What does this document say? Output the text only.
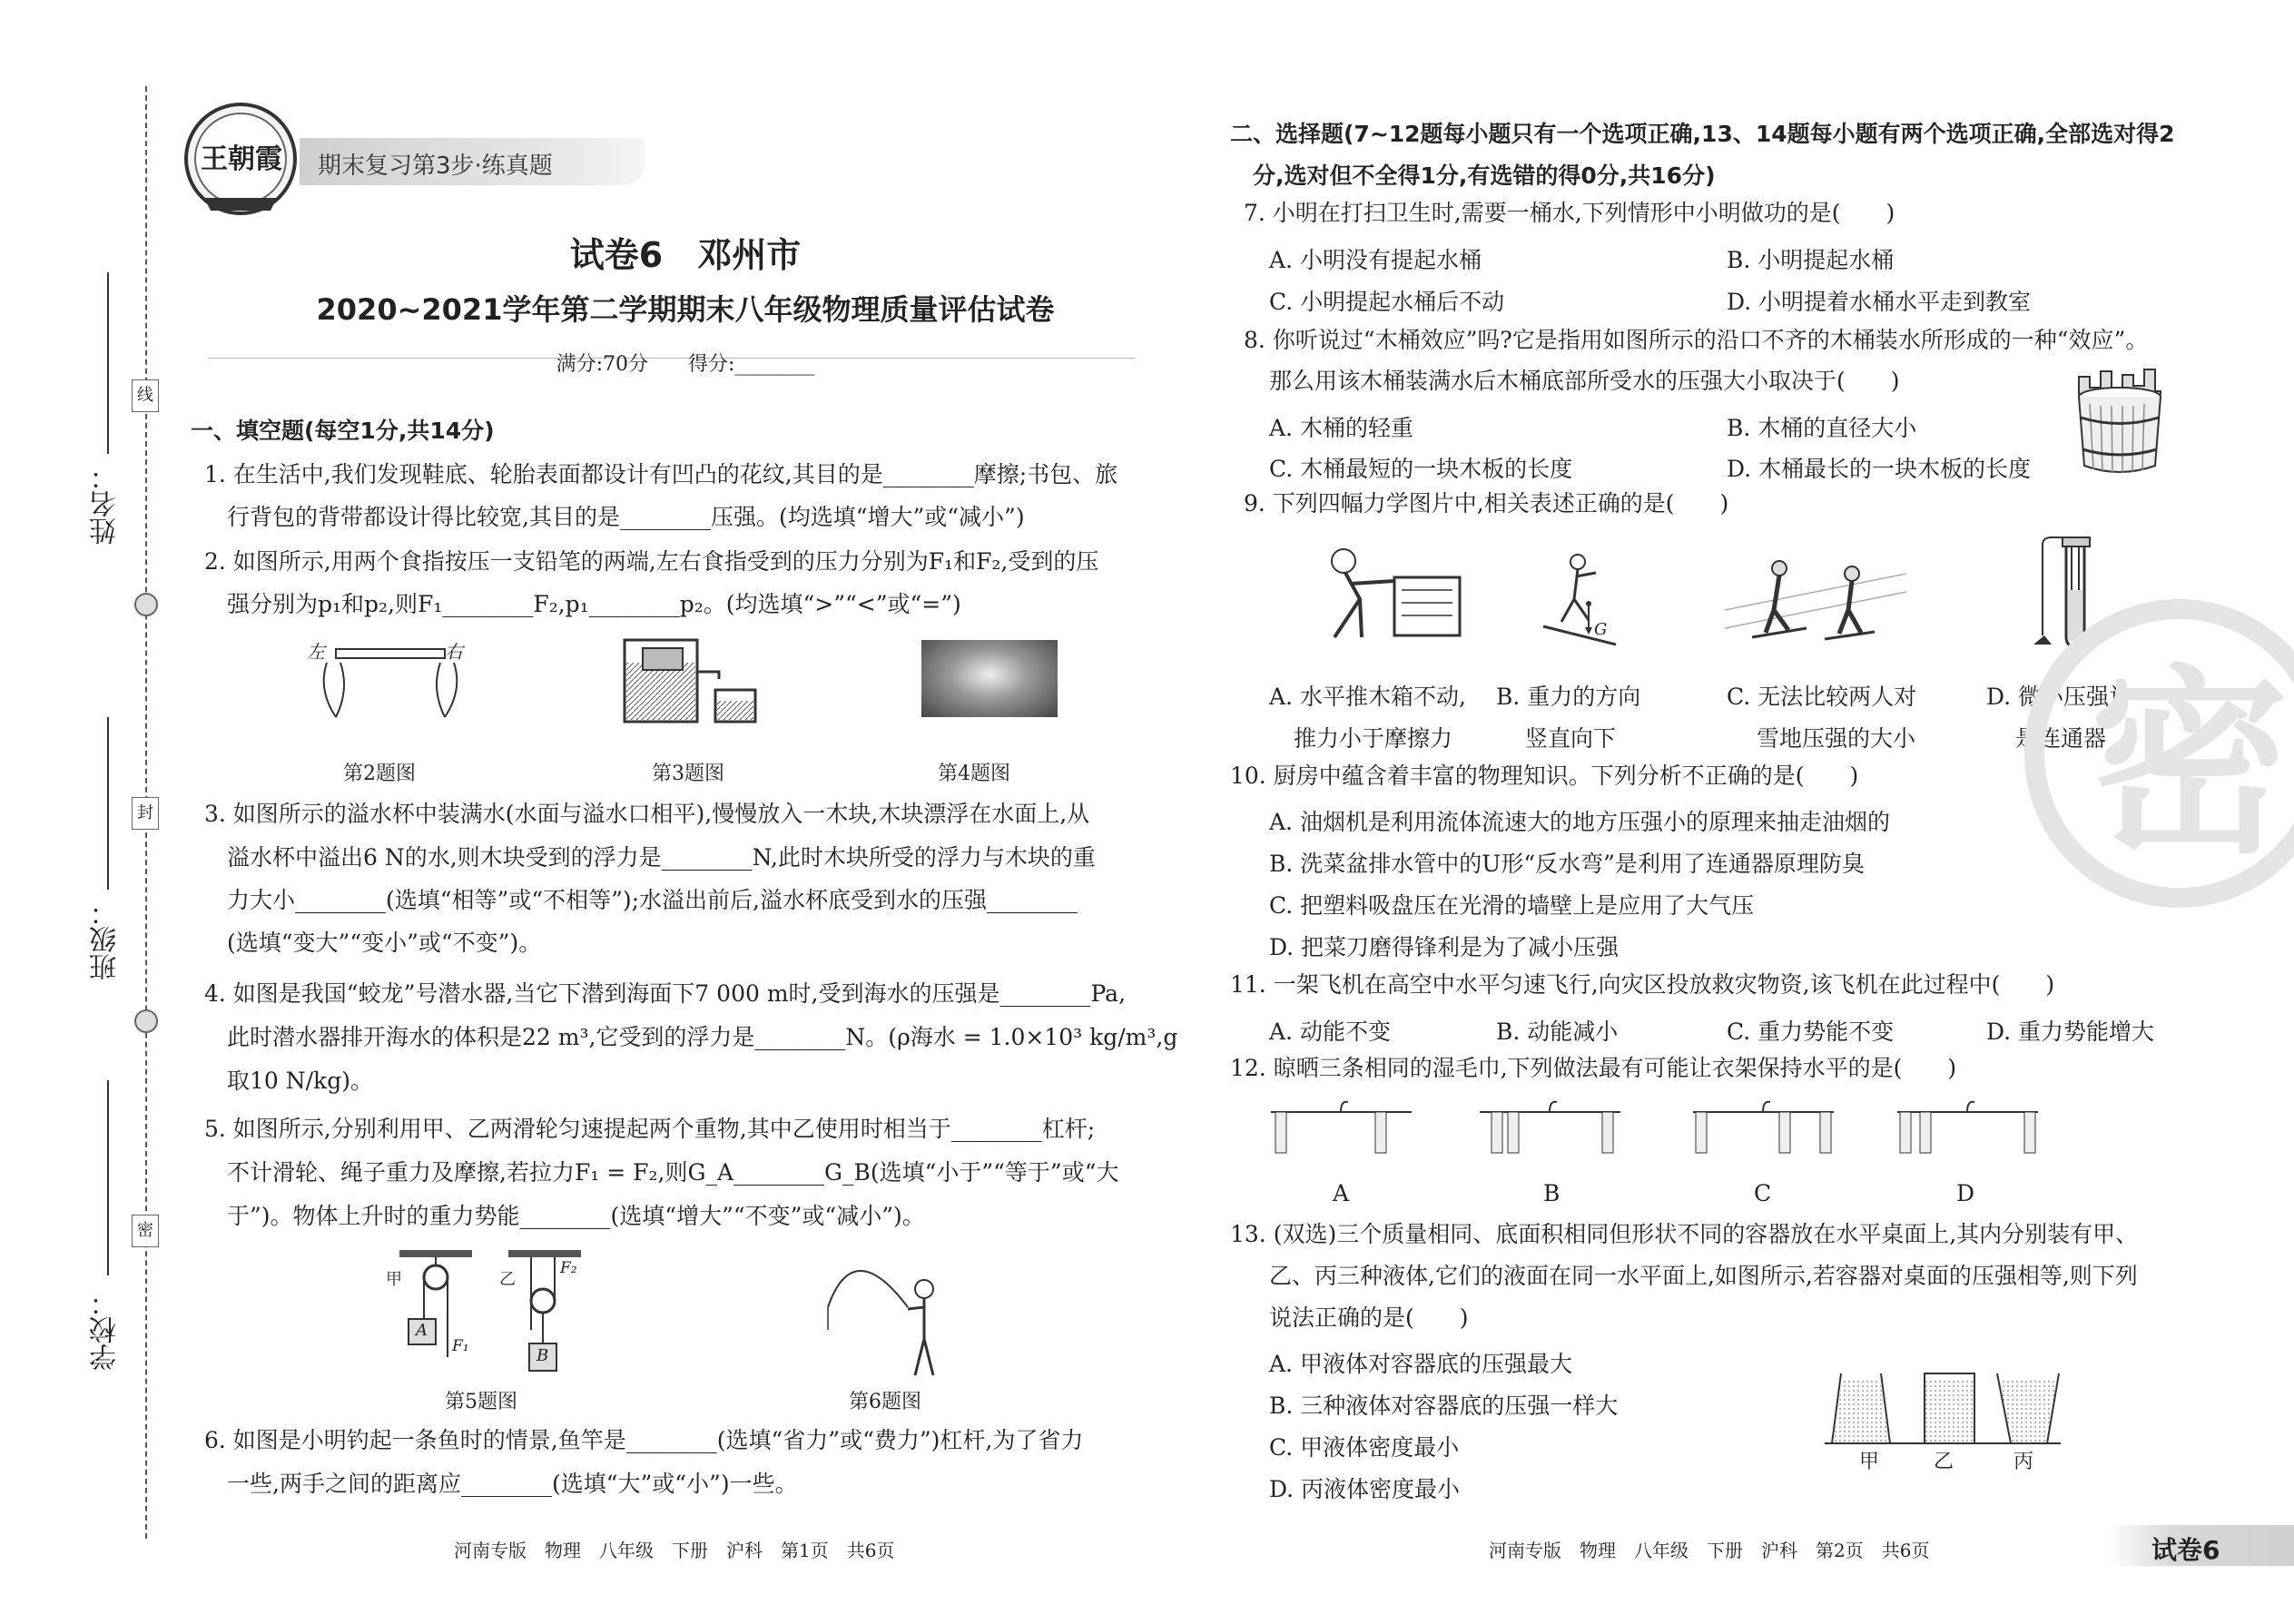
姓名：
班级：
学校：
线
封
密
王朝霞 期末复习第3步·练真题
试卷6　邓州市
2020~2021学年第二学期期末八年级物理质量评估试卷
满分:70分　　得分:________
一、填空题(每空1分,共14分)
1. 在生活中,我们发现鞋底、轮胎表面都设计有凹凸的花纹,其目的是________摩擦;书包、旅
行背包的背带都设计得比较宽,其目的是________压强。(均选填“增大”或“减小”)
2. 如图所示,用两个食指按压一支铅笔的两端,左右食指受到的压力分别为F₁和F₂,受到的压
强分别为p₁和p₂,则F₁________F₂,p₁________p₂。(均选填“>”“<”或“=”)
左	右
第2题图	第3题图	第4题图
3. 如图所示的溢水杯中装满水(水面与溢水口相平),慢慢放入一木块,木块漂浮在水面上,从
溢水杯中溢出6 N的水,则木块受到的浮力是________N,此时木块所受的浮力与木块的重
力大小________(选填“相等”或“不相等”);水溢出前后,溢水杯底受到水的压强________
(选填“变大”“变小”或“不变”)。
4. 如图是我国“蛟龙”号潜水器,当它下潜到海面下7 000 m时,受到海水的压强是________Pa,
此时潜水器排开海水的体积是22 m³,它受到的浮力是________N。(ρ海水 = 1.0×10³ kg/m³,g
取10 N/kg)。
5. 如图所示,分别利用甲、乙两滑轮匀速提起两个重物,其中乙使用时相当于________杠杆;
不计滑轮、绳子重力及摩擦,若拉力F₁ = F₂,则G_A________G_B(选填“小于”“等于”或“大
于”)。物体上升时的重力势能________(选填“增大”“不变”或“减小”)。
甲	乙
A
B
F₁
F₂
第5题图	第6题图
6. 如图是小明钓起一条鱼时的情景,鱼竿是________(选填“省力”或“费力”)杠杆,为了省力
一些,两手之间的距离应________(选填“大”或“小”)一些。
河南专版　物理　八年级　下册　沪科　第1页　共6页
二、选择题(7~12题每小题只有一个选项正确,13、14题每小题有两个选项正确,全部选对得2
分,选对但不全得1分,有选错的得0分,共16分)
7. 小明在打扫卫生时,需要一桶水,下列情形中小明做功的是(　　)
A. 小明没有提起水桶	B. 小明提起水桶
C. 小明提起水桶后不动	D. 小明提着水桶水平走到教室
8. 你听说过“木桶效应”吗?它是指用如图所示的沿口不齐的木桶装水所形成的一种“效应”。
那么用该木桶装满水后木桶底部所受水的压强大小取决于(　　)
A. 木桶的轻重	B. 木桶的直径大小
C. 木桶最短的一块木板的长度	D. 木桶最长的一块木板的长度
9. 下列四幅力学图片中,相关表述正确的是(　　)
G
A. 水平推木箱不动,
推力小于摩擦力
B. 重力的方向
竖直向下
C. 无法比较两人对
雪地压强的大小
D. 微小压强计
是连通器
10. 厨房中蕴含着丰富的物理知识。下列分析不正确的是(　　)
A. 油烟机是利用流体流速大的地方压强小的原理来抽走油烟的
B. 洗菜盆排水管中的U形“反水弯”是利用了连通器原理防臭
C. 把塑料吸盘压在光滑的墙壁上是应用了大气压
D. 把菜刀磨得锋利是为了减小压强
11. 一架飞机在高空中水平匀速飞行,向灾区投放救灾物资,该飞机在此过程中(　　)
A. 动能不变	B. 动能减小	C. 重力势能不变	D. 重力势能增大
12. 晾晒三条相同的湿毛巾,下列做法最有可能让衣架保持水平的是(　　)
A	B	C	D
13. (双选)三个质量相同、底面积相同但形状不同的容器放在水平桌面上,其内分别装有甲、
乙、丙三种液体,它们的液面在同一水平面上,如图所示,若容器对桌面的压强相等,则下列
说法正确的是(　　)
A. 甲液体对容器底的压强最大
B. 三种液体对容器底的压强一样大
C. 甲液体密度最小
D. 丙液体密度最小
甲	乙	丙
密
河南专版　物理　八年级　下册　沪科　第2页　共6页	试卷6
